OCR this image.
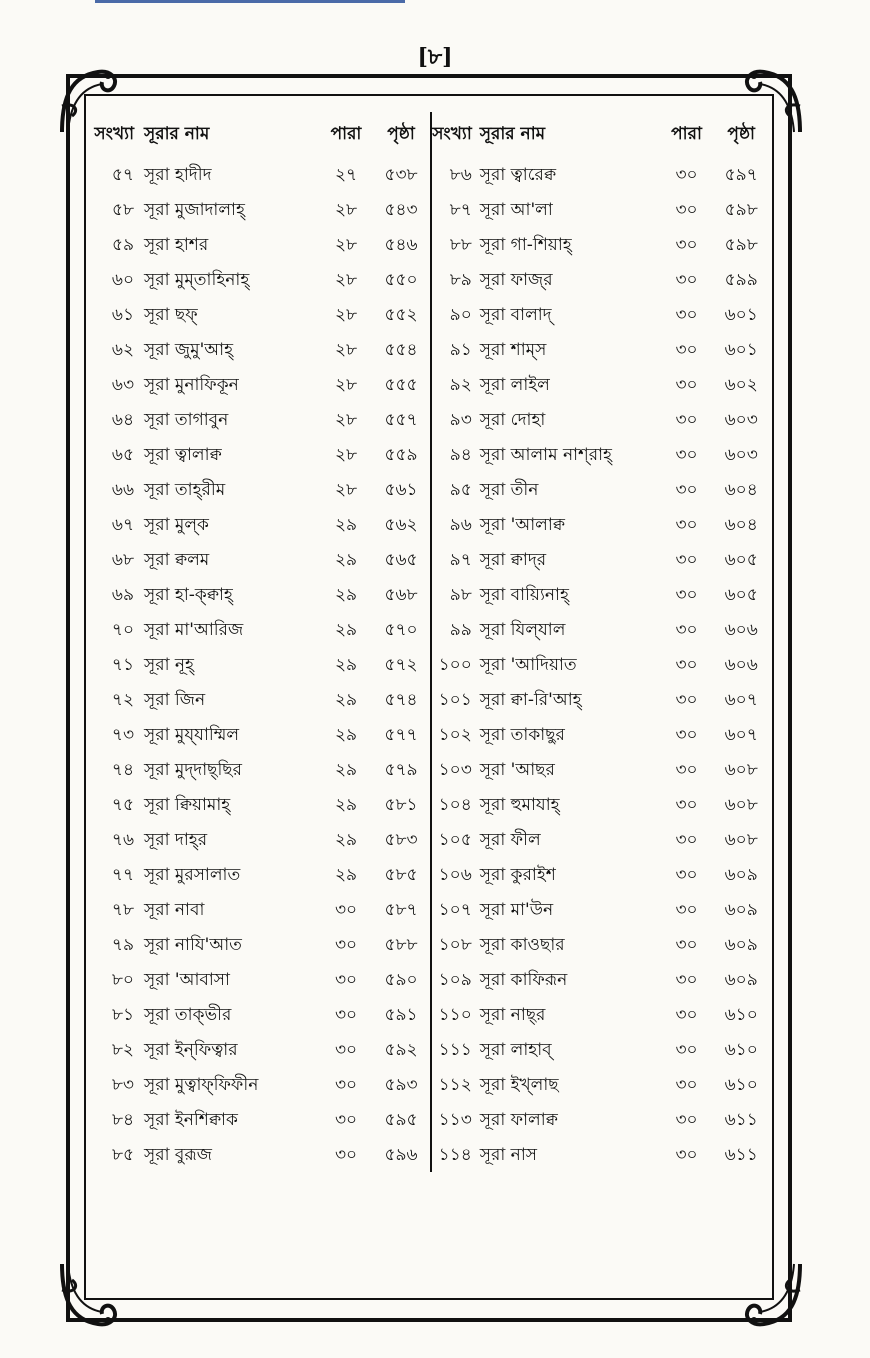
[৮]
সংখ্যা সূরার নাম	পারা	পৃষ্ঠা
৫৭ সূরা হাদীদ	২৭	৫৩৮
৫৮ সূরা মুজাদালাহ্	২৮	৫৪৩
৫৯ সূরা হাশর	২৮	৫৪৬
৬০ সূরা মুম্‌তাহিনাহ্	২৮	৫৫০
৬১ সূরা ছফ্	২৮	৫৫২
৬২ সূরা জুমু'আহ্	২৮	৫৫৪
৬৩ সূরা মুনাফিকূন	২৮	৫৫৫
৬৪ সূরা তাগাবুন	২৮	৫৫৭
৬৫ সূরা ত্বালাক্ব	২৮	৫৫৯
৬৬ সূরা তাহ্‌রীম	২৮	৫৬১
৬৭ সূরা মুল্‌ক	২৯	৫৬২
৬৮ সূরা ক্বলম	২৯	৫৬৫
৬৯ সূরা হা-ক্ক্বাহ্	২৯	৫৬৮
৭০ সূরা মা'আরিজ	২৯	৫৭০
৭১ সূরা নূহ্	২৯	৫৭২
৭২ সূরা জিন	২৯	৫৭৪
৭৩ সূরা মুয্‌যাম্মিল	২৯	৫৭৭
৭৪ সূরা মুদ্‌দাছ্‌ছির	২৯	৫৭৯
৭৫ সূরা ক্বিয়ামাহ্	২৯	৫৮১
৭৬ সূরা দাহ্‌র	২৯	৫৮৩
৭৭ সূরা মুরসালাত	২৯	৫৮৫
৭৮ সূরা নাবা	৩০	৫৮৭
৭৯ সূরা নাযি'আত	৩০	৫৮৮
৮০ সূরা 'আবাসা	৩০	৫৯০
৮১ সূরা তাক্‌ভীর	৩০	৫৯১
৮২ সূরা ইন্‌ফিত্বার	৩০	৫৯২
৮৩ সূরা মুত্বাফ্‌ফিফীন	৩০	৫৯৩
৮৪ সূরা ইনশিক্বাক	৩০	৫৯৫
৮৫ সূরা বুরূজ	৩০	৫৯৬
সংখ্যা সূরার নাম	পারা	পৃষ্ঠা
৮৬ সূরা ত্বারেক্ব	৩০	৫৯৭
৮৭ সূরা আ'লা	৩০	৫৯৮
৮৮ সূরা গা-শিয়াহ্	৩০	৫৯৮
৮৯ সূরা ফাজ্‌র	৩০	৫৯৯
৯০ সূরা বালাদ্	৩০	৬০১
৯১ সূরা শাম্‌স	৩০	৬০১
৯২ সূরা লাইল	৩০	৬০২
৯৩ সূরা দোহা	৩০	৬০৩
৯৪ সূরা আলাম নাশ্‌রাহ্	৩০	৬০৩
৯৫ সূরা তীন	৩০	৬০৪
৯৬ সূরা 'আলাক্ব	৩০	৬০৪
৯৭ সূরা ক্বাদ্‌র	৩০	৬০৫
৯৮ সূরা বায়্যিনাহ্	৩০	৬০৫
৯৯ সূরা যিল্‌যাল	৩০	৬০৬
১০০ সূরা 'আদিয়াত	৩০	৬০৬
১০১ সূরা ক্বা-রি'আহ্	৩০	৬০৭
১০২ সূরা তাকাছুর	৩০	৬০৭
১০৩ সূরা 'আছর	৩০	৬০৮
১০৪ সূরা হুমাযাহ্	৩০	৬০৮
১০৫ সূরা ফীল	৩০	৬০৮
১০৬ সূরা কুরাইশ	৩০	৬০৯
১০৭ সূরা মা'উন	৩০	৬০৯
১০৮ সূরা কাওছার	৩০	৬০৯
১০৯ সূরা কাফিরূন	৩০	৬০৯
১১০ সূরা নাছ্‌র	৩০	৬১০
১১১ সূরা লাহাব্	৩০	৬১০
১১২ সূরা ইখ্‌লাছ	৩০	৬১০
১১৩ সূরা ফালাক্ব	৩০	৬১১
১১৪ সূরা নাস	৩০	৬১১
